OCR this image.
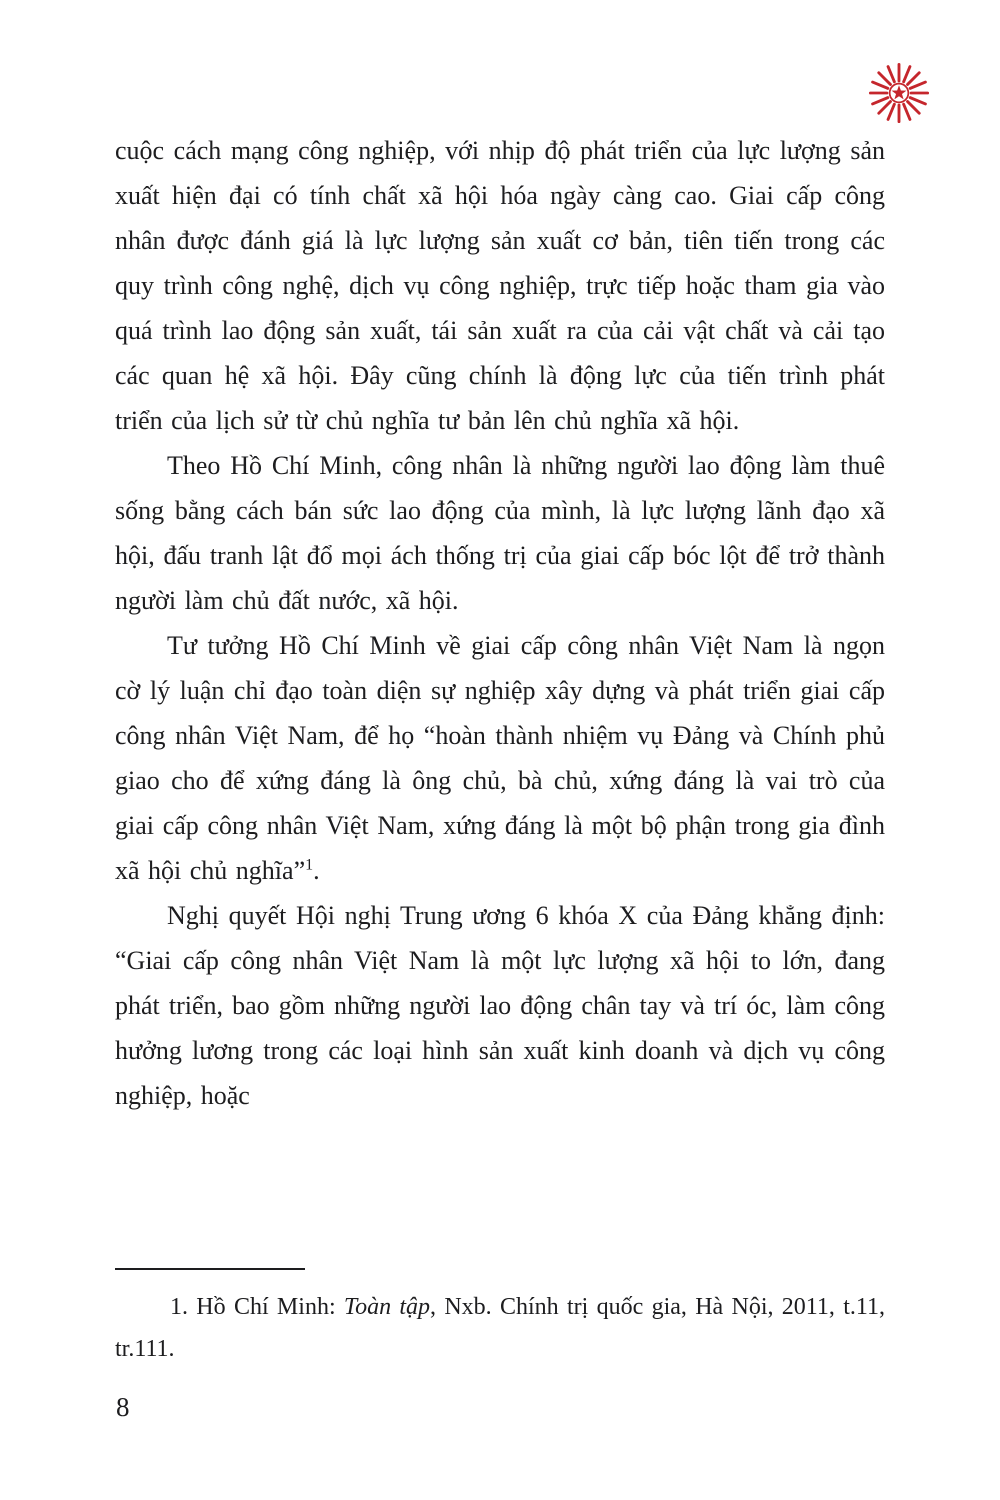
cuộc cách mạng công nghiệp, với nhịp độ phát triển của lực lượng sản xuất hiện đại có tính chất xã hội hóa ngày càng cao. Giai cấp công nhân được đánh giá là lực lượng sản xuất cơ bản, tiên tiến trong các quy trình công nghệ, dịch vụ công nghiệp, trực tiếp hoặc tham gia vào quá trình lao động sản xuất, tái sản xuất ra của cải vật chất và cải tạo các quan hệ xã hội. Đây cũng chính là động lực của tiến trình phát triển của lịch sử từ chủ nghĩa tư bản lên chủ nghĩa xã hội.

Theo Hồ Chí Minh, công nhân là những người lao động làm thuê sống bằng cách bán sức lao động của mình, là lực lượng lãnh đạo xã hội, đấu tranh lật đổ mọi ách thống trị của giai cấp bóc lột để trở thành người làm chủ đất nước, xã hội.

Tư tưởng Hồ Chí Minh về giai cấp công nhân Việt Nam là ngọn cờ lý luận chỉ đạo toàn diện sự nghiệp xây dựng và phát triển giai cấp công nhân Việt Nam, để họ “hoàn thành nhiệm vụ Đảng và Chính phủ giao cho để xứng đáng là ông chủ, bà chủ, xứng đáng là vai trò của giai cấp công nhân Việt Nam, xứng đáng là một bộ phận trong gia đình xã hội chủ nghĩa”$^1$.

Nghị quyết Hội nghị Trung ương 6 khóa X của Đảng khẳng định: “Giai cấp công nhân Việt Nam là một lực lượng xã hội to lớn, đang phát triển, bao gồm những người lao động chân tay và trí óc, làm công hưởng lương trong các loại hình sản xuất kinh doanh và dịch vụ công nghiệp, hoặc

1. Hồ Chí Minh: Toàn tập, Nxb. Chính trị quốc gia, Hà Nội, 2011, t.11, tr.111.

8
